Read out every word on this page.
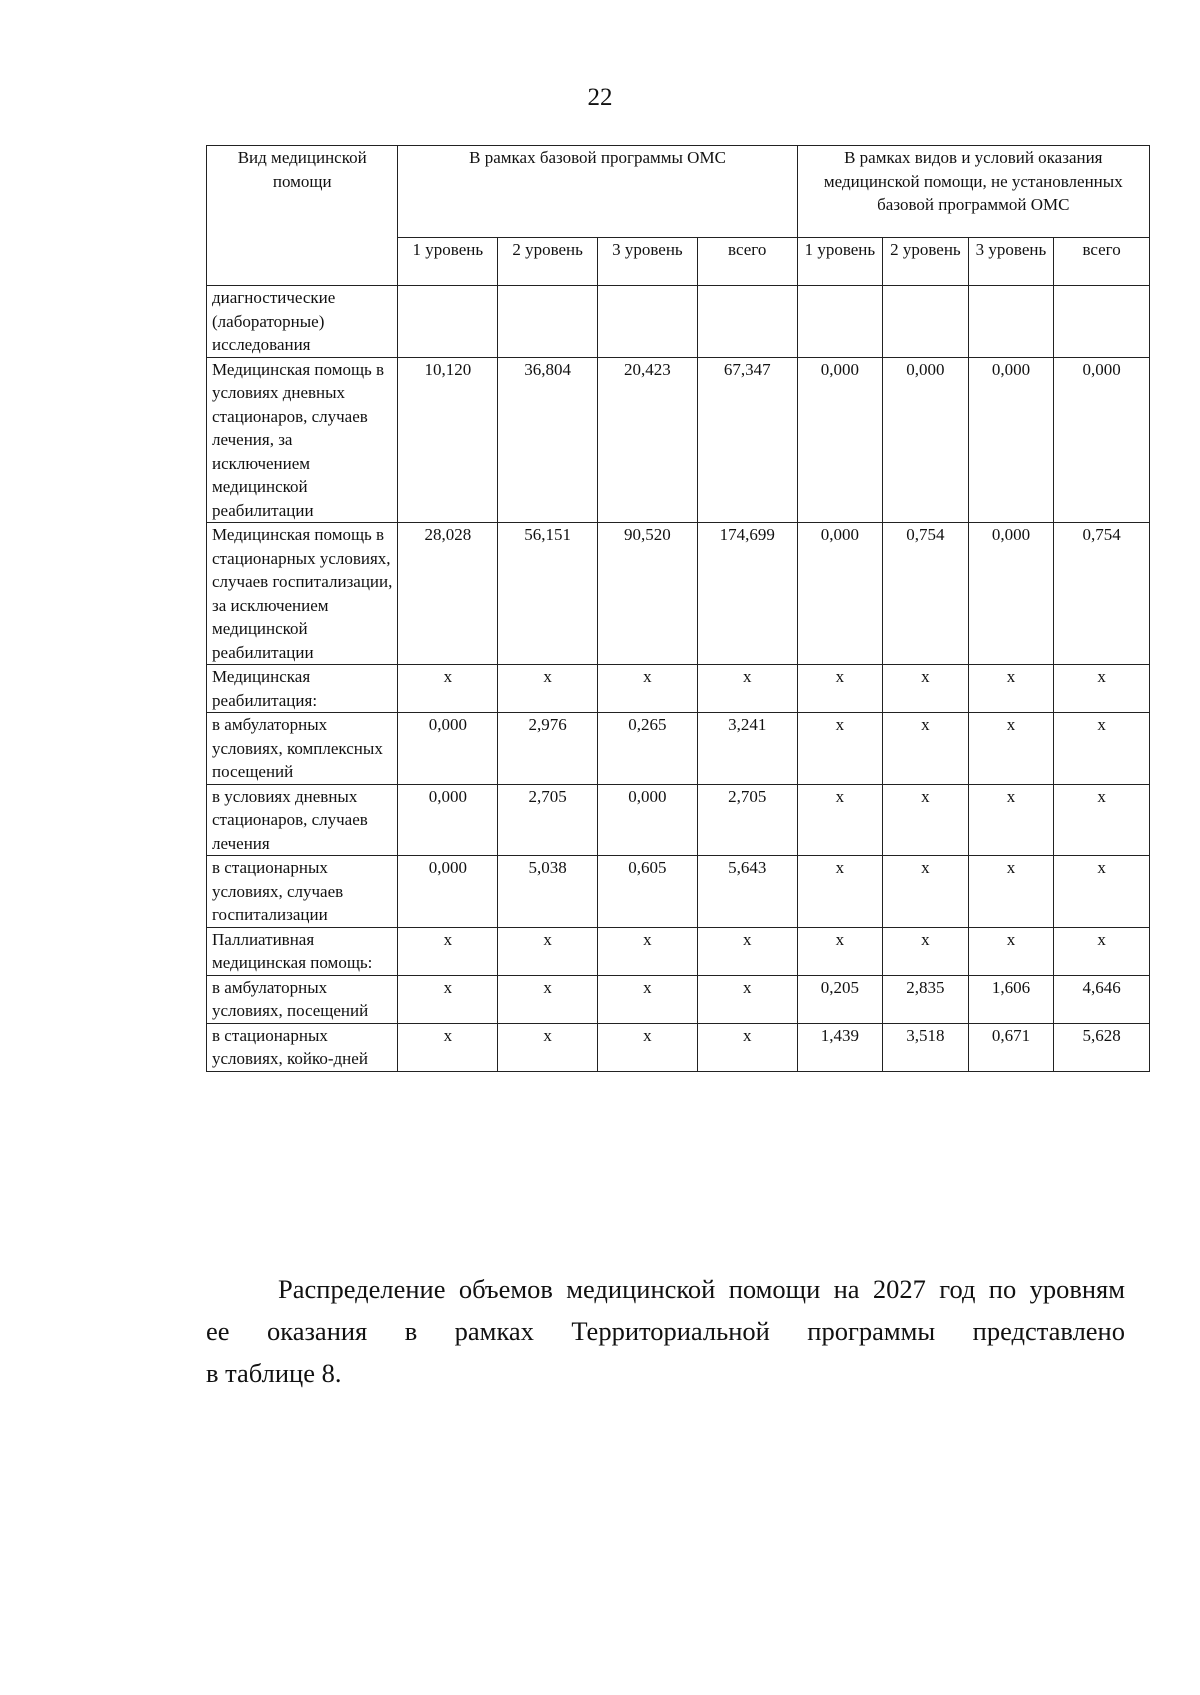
22
Вид медицинской помощи	В рамках базовой программы ОМС				В рамках видов и условий оказания медицинской помощи, не установленных базовой программой ОМС			
	1 уровень	2 уровень	3 уровень	всего	1 уровень	2 уровень	3 уровень	всего
диагностические (лабораторные) исследования								
Медицинская помощь в условиях дневных стационаров, случаев лечения, за исключением медицинской реабилитации	10,120	36,804	20,423	67,347	0,000	0,000	0,000	0,000
Медицинская помощь в стационарных условиях, случаев госпитализации, за исключением медицинской реабилитации	28,028	56,151	90,520	174,699	0,000	0,754	0,000	0,754
Медицинская реабилитация:	x	x	x	x	x	x	x	x
в амбулаторных условиях, комплексных посещений	0,000	2,976	0,265	3,241	x	x	x	x
в условиях дневных стационаров, случаев лечения	0,000	2,705	0,000	2,705	x	x	x	x
в стационарных условиях, случаев госпитализации	0,000	5,038	0,605	5,643	x	x	x	x
Паллиативная медицинская помощь:	x	x	x	x	x	x	x	x
в амбулаторных условиях, посещений	x	x	x	x	0,205	2,835	1,606	4,646
в стационарных условиях, койко-дней	x	x	x	x	1,439	3,518	0,671	5,628

Распределение объемов медицинской помощи на 2027 год по уровням

ее оказания в рамках Территориальной программы представлено

в таблице 8.
